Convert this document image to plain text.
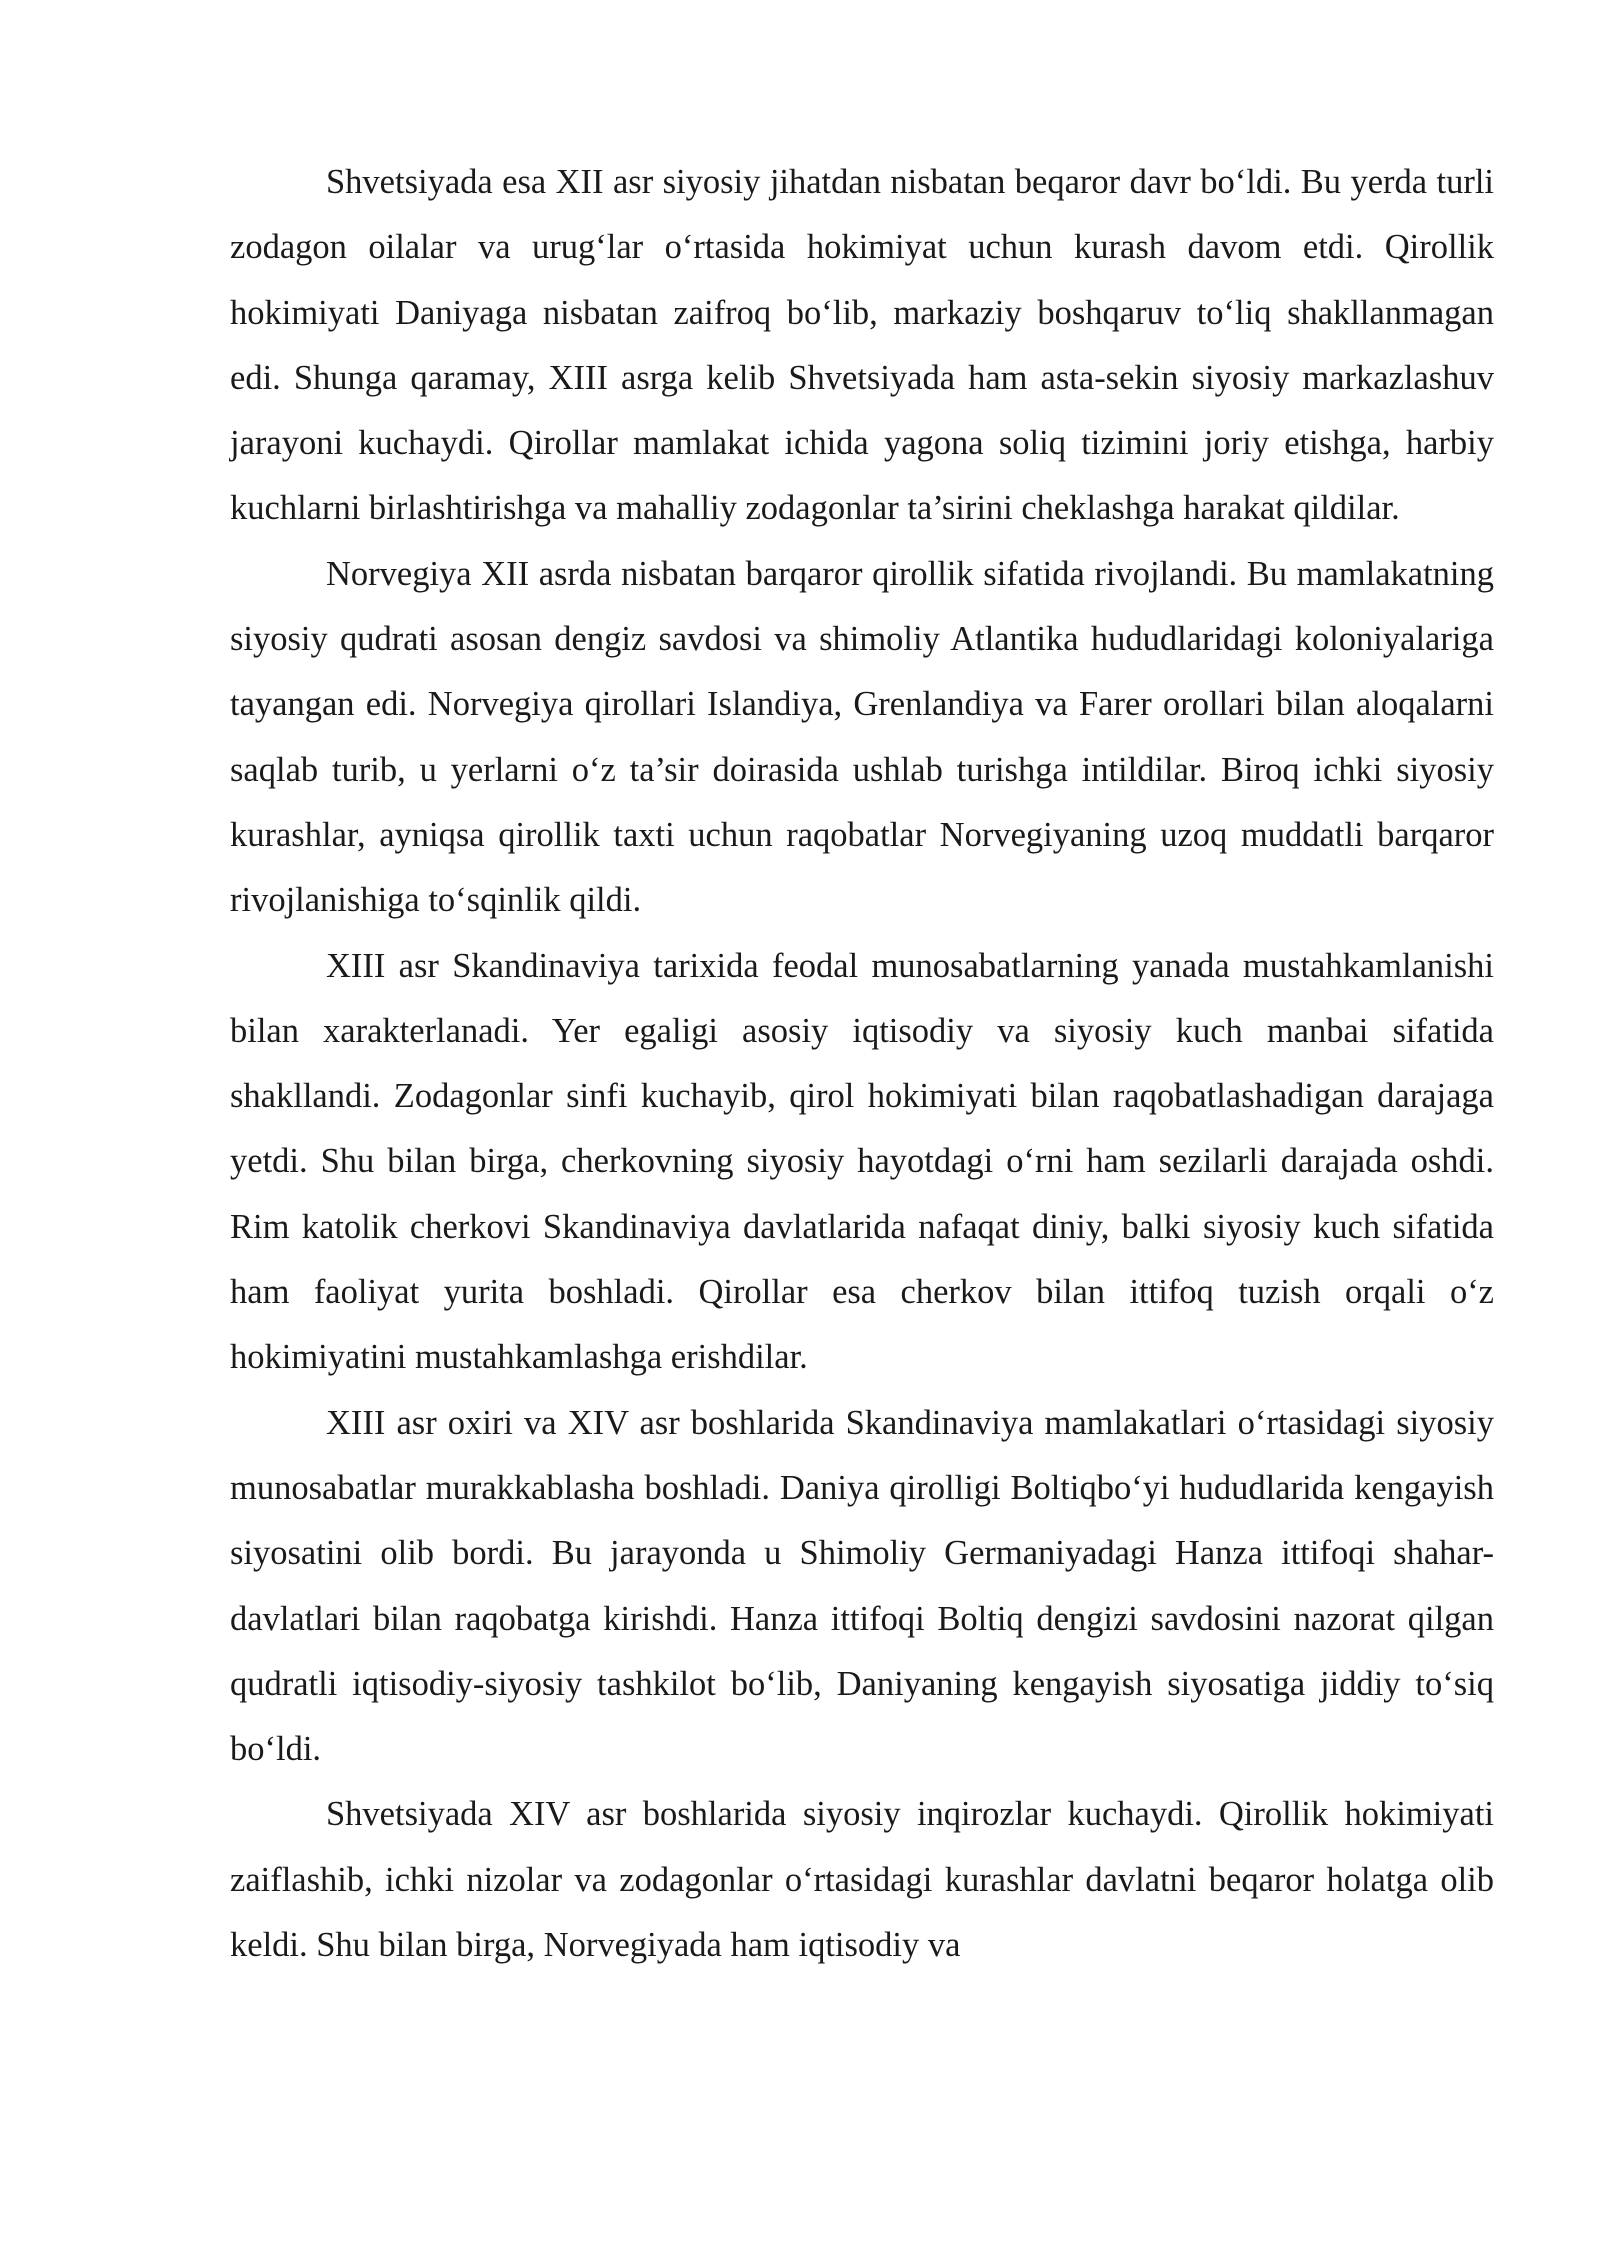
Shvetsiyada esa XII asr siyosiy jihatdan nisbatan beqaror davr bo‘ldi. Bu yerda turli zodagon oilalar va urug‘lar o‘rtasida hokimiyat uchun kurash davom etdi. Qirollik hokimiyati Daniyaga nisbatan zaifroq bo‘lib, markaziy boshqaruv to‘liq shakllanmagan edi. Shunga qaramay, XIII asrga kelib Shvetsiyada ham asta-sekin siyosiy markazlashuv jarayoni kuchaydi. Qirollar mamlakat ichida yagona soliq tizimini joriy etishga, harbiy kuchlarni birlashtirishga va mahalliy zodagonlar ta’sirini cheklashga harakat qildilar.

Norvegiya XII asrda nisbatan barqaror qirollik sifatida rivojlandi. Bu mamlakatning siyosiy qudrati asosan dengiz savdosi va shimoliy Atlantika hududlaridagi koloniyalariga tayangan edi. Norvegiya qirollari Islandiya, Grenlandiya va Farer orollari bilan aloqalarni saqlab turib, u yerlarni o‘z ta’sir doirasida ushlab turishga intildilar. Biroq ichki siyosiy kurashlar, ayniqsa qirollik taxti uchun raqobatlar Norvegiyaning uzoq muddatli barqaror rivojlanishiga to‘sqinlik qildi.

XIII asr Skandinaviya tarixida feodal munosabatlarning yanada mustahkamlanishi bilan xarakterlanadi. Yer egaligi asosiy iqtisodiy va siyosiy kuch manbai sifatida shakllandi. Zodagonlar sinfi kuchayib, qirol hokimiyati bilan raqobatlashadigan darajaga yetdi. Shu bilan birga, cherkovning siyosiy hayotdagi o‘rni ham sezilarli darajada oshdi. Rim katolik cherkovi Skandinaviya davlatlarida nafaqat diniy, balki siyosiy kuch sifatida ham faoliyat yurita boshladi. Qirollar esa cherkov bilan ittifoq tuzish orqali o‘z hokimiyatini mustahkamlashga erishdilar.

XIII asr oxiri va XIV asr boshlarida Skandinaviya mamlakatlari o‘rtasidagi siyosiy munosabatlar murakkablasha boshladi. Daniya qirolligi Boltiqbo‘yi hududlarida kengayish siyosatini olib bordi. Bu jarayonda u Shimoliy Germaniyadagi Hanza ittifoqi shahar-davlatlari bilan raqobatga kirishdi. Hanza ittifoqi Boltiq dengizi savdosini nazorat qilgan qudratli iqtisodiy-siyosiy tashkilot bo‘lib, Daniyaning kengayish siyosatiga jiddiy to‘siq bo‘ldi.

Shvetsiyada XIV asr boshlarida siyosiy inqirozlar kuchaydi. Qirollik hokimiyati zaiflashib, ichki nizolar va zodagonlar o‘rtasidagi kurashlar davlatni beqaror holatga olib keldi. Shu bilan birga, Norvegiyada ham iqtisodiy va
